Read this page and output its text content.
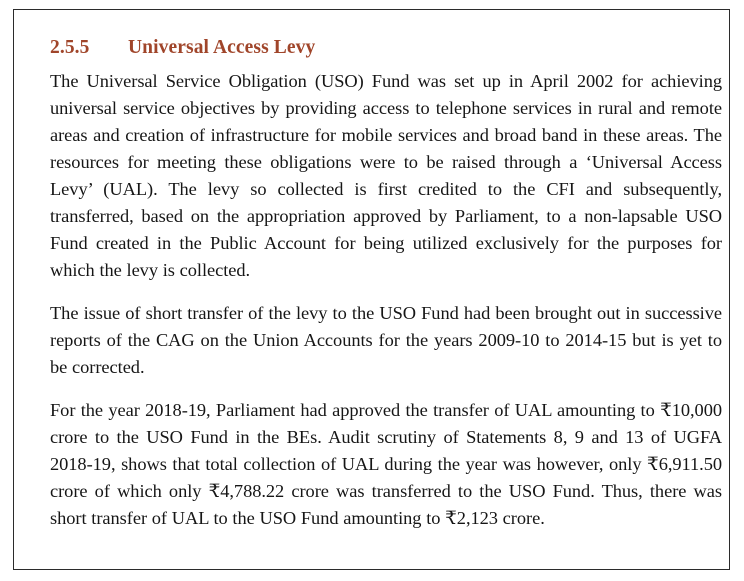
2.5.5	Universal Access Levy

The Universal Service Obligation (USO) Fund was set up in April 2002 for achieving universal service objectives by providing access to telephone services in rural and remote areas and creation of infrastructure for mobile services and broad band in these areas. The resources for meeting these obligations were to be raised through a ‘Universal Access Levy’ (UAL). The levy so collected is first credited to the CFI and subsequently, transferred, based on the appropriation approved by Parliament, to a non-lapsable USO Fund created in the Public Account for being utilized exclusively for the purposes for which the levy is collected.

The issue of short transfer of the levy to the USO Fund had been brought out in successive reports of the CAG on the Union Accounts for the years 2009-10 to 2014-15 but is yet to be corrected.

For the year 2018-19, Parliament had approved the transfer of UAL amounting to ₹10,000 crore to the USO Fund in the BEs. Audit scrutiny of Statements 8, 9 and 13 of UGFA 2018-19, shows that total collection of UAL during the year was however, only ₹6,911.50 crore of which only ₹4,788.22 crore was transferred to the USO Fund. Thus, there was short transfer of UAL to the USO Fund amounting to ₹2,123 crore.
